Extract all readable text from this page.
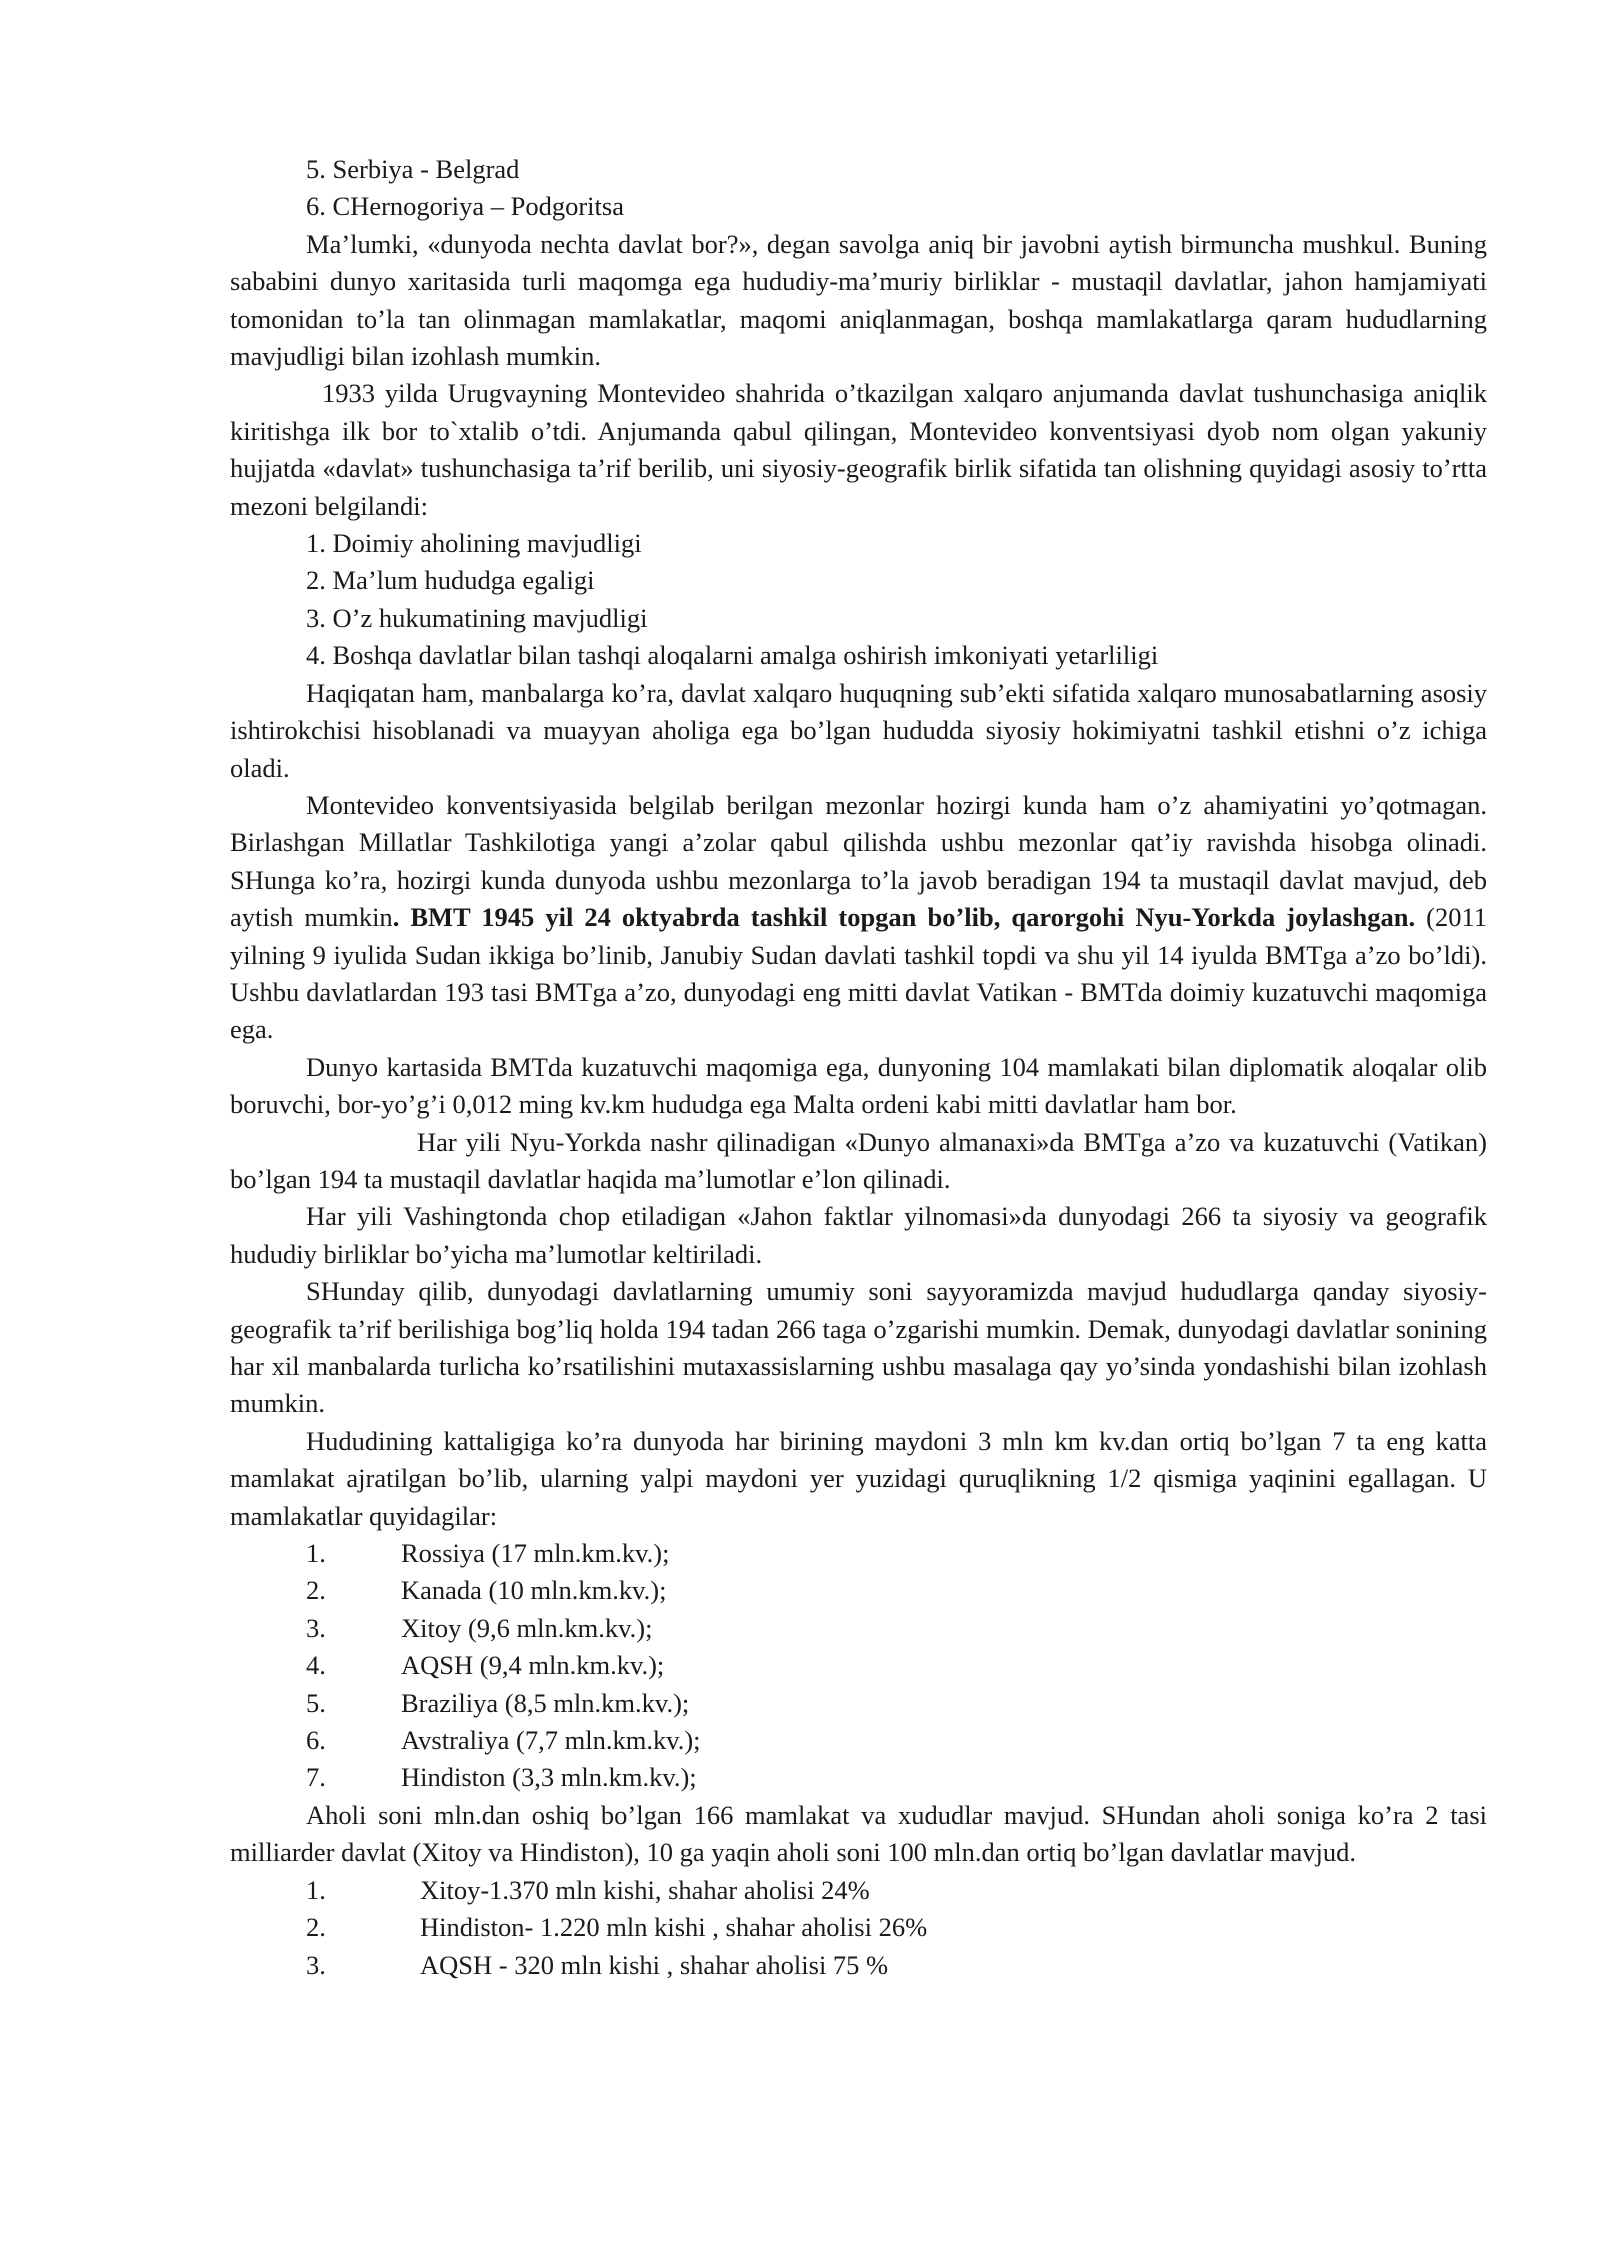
5. Serbiya - Belgrad
6. CHernogoriya – Podgoritsa

Ma’lumki, «dunyoda nechta davlat bor?», degan savolga aniq bir javobni aytish birmuncha mushkul. Buning sababini dunyo xaritasida turli maqomga ega hududiy-ma’muriy birliklar - mustaqil davlatlar, jahon hamjamiyati tomonidan to’la tan olinmagan mamlakatlar, maqomi aniqlanmagan, boshqa mamlakatlarga qaram hududlarning mavjudligi bilan izohlash mumkin.

1933 yilda Urugvayning Montevideo shahrida o’tkazilgan xalqaro anjumanda davlat tushunchasiga aniqlik kiritishga ilk bor to`xtalib o’tdi. Anjumanda qabul qilingan, Montevideo konventsiyasi dyob nom olgan yakuniy hujjatda «davlat» tushunchasiga ta’rif berilib, uni siyosiy-geografik birlik sifatida tan olishning quyidagi asosiy to’rtta mezoni belgilandi:

1. Doimiy aholining mavjudligi
2. Ma’lum hududga egaligi
3. O’z hukumatining mavjudligi
4. Boshqa davlatlar bilan tashqi aloqalarni amalga oshirish imkoniyati yetarliligi

Haqiqatan ham, manbalarga ko’ra, davlat xalqaro huquqning sub’ekti sifatida xalqaro munosabatlarning asosiy ishtirokchisi hisoblanadi va muayyan aholiga ega bo’lgan hududda siyosiy hokimiyatni tashkil etishni o’z ichiga oladi.

Montevideo konventsiyasida belgilab berilgan mezonlar hozirgi kunda ham o’z ahamiyatini yo’qotmagan. Birlashgan Millatlar Tashkilotiga yangi a’zolar qabul qilishda ushbu mezonlar qat’iy ravishda hisobga olinadi. SHunga ko’ra, hozirgi kunda dunyoda ushbu mezonlarga to’la javob beradigan 194 ta mustaqil davlat mavjud, deb aytish mumkin. BMT 1945 yil 24 oktyabrda tashkil topgan bo’lib, qarorgohi Nyu-Yorkda joylashgan. (2011 yilning 9 iyulida Sudan ikkiga bo’linib, Janubiy Sudan davlati tashkil topdi va shu yil 14 iyulda BMTga a’zo bo’ldi). Ushbu davlatlardan 193 tasi BMTga a’zo, dunyodagi eng mitti davlat Vatikan - BMTda doimiy kuzatuvchi maqomiga ega.

Dunyo kartasida BMTda kuzatuvchi maqomiga ega, dunyoning 104 mamlakati bilan diplomatik aloqalar olib boruvchi, bor-yo’g’i 0,012 ming kv.km hududga ega Malta ordeni kabi mitti davlatlar ham bor.

Har yili Nyu-Yorkda nashr qilinadigan «Dunyo almanaxi»da BMTga a’zo va kuzatuvchi (Vatikan) bo’lgan 194 ta mustaqil davlatlar haqida ma’lumotlar e’lon qilinadi.

Har yili Vashingtonda chop etiladigan «Jahon faktlar yilnomasi»da dunyodagi 266 ta siyosiy va geografik hududiy birliklar bo’yicha ma’lumotlar keltiriladi.

SHunday qilib, dunyodagi davlatlarning umumiy soni sayyoramizda mavjud hududlarga qanday siyosiy-geografik ta’rif berilishiga bog’liq holda 194 tadan 266 taga o’zgarishi mumkin. Demak, dunyodagi davlatlar sonining har xil manbalarda turlicha ko’rsatilishini mutaxassislarning ushbu masalaga qay yo’sinda yondashishi bilan izohlash mumkin.

Hududining kattaligiga ko’ra dunyoda har birining maydoni 3 mln km kv.dan ortiq bo’lgan 7 ta eng katta mamlakat ajratilgan bo’lib, ularning yalpi maydoni yer yuzidagi quruqlikning 1/2 qismiga yaqinini egallagan. U mamlakatlar quyidagilar:

1.	Rossiya (17 mln.km.kv.);
2.	Kanada (10 mln.km.kv.);
3.	Xitoy (9,6 mln.km.kv.);
4.	AQSH (9,4 mln.km.kv.);
5.	Braziliya (8,5 mln.km.kv.);
6.	Avstraliya (7,7 mln.km.kv.);
7.	Hindiston (3,3 mln.km.kv.);

Aholi soni mln.dan oshiq bo’lgan 166 mamlakat va xududlar mavjud. SHundan aholi soniga ko’ra 2 tasi milliarder davlat (Xitoy va Hindiston), 10 ga yaqin aholi soni 100 mln.dan ortiq bo’lgan davlatlar mavjud.

1.	Xitoy-1.370 mln kishi, shahar aholisi 24%
2.	Hindiston- 1.220 mln kishi , shahar aholisi 26%
3.	AQSH - 320 mln kishi , shahar aholisi 75 %
